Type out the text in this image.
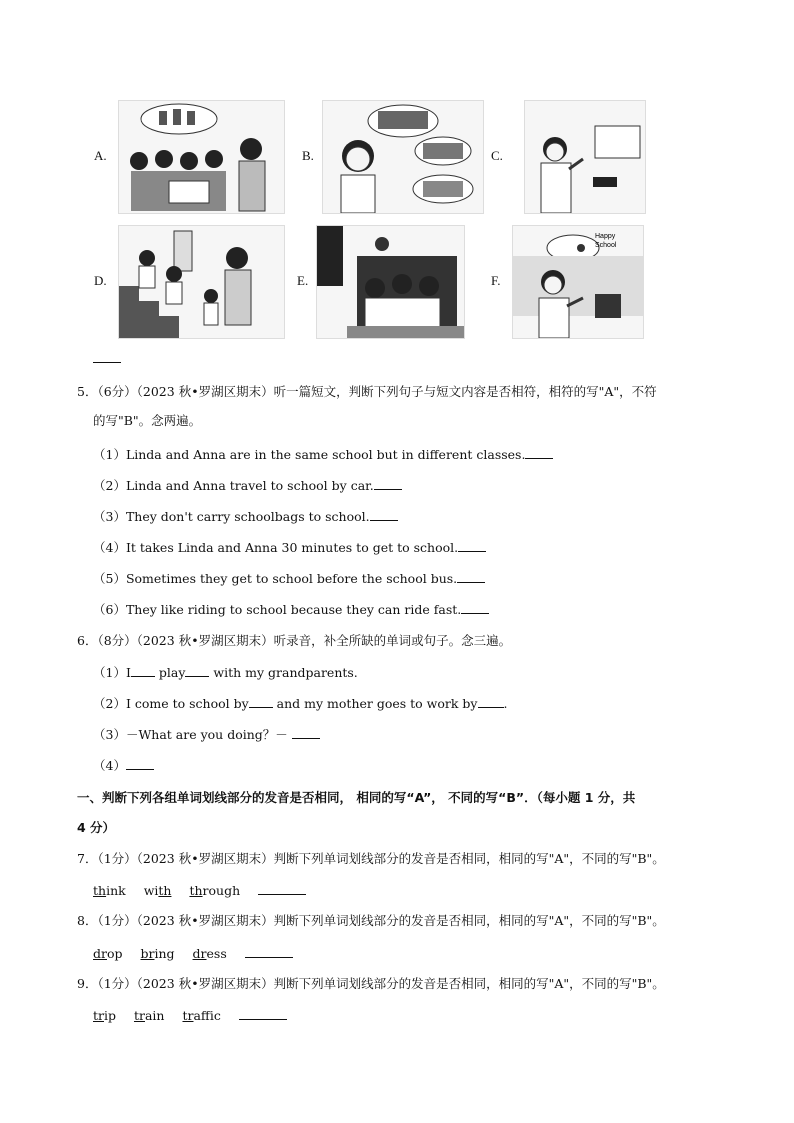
A.	B.	C.
D.	E.	F.
Happy
School
5．（6分）（2023 秋•罗湖区期末）听一篇短文，判断下列句子与短文内容是否相符，相符的写"A"，不符
的写"B"。念两遍。
（1）Linda and Anna are in the same school but in different classes.
（2）Linda and Anna travel to school by car.
（3）They don't carry schoolbags to school.
（4）It takes Linda and Anna 30 minutes to get to school.
（5）Sometimes they get to school before the school bus.
（6）They like riding to school because they can ride fast.
6．（8分）（2023 秋•罗湖区期末）听录音，补全所缺的单词或句子。念三遍。
（1）I play with my grandparents.
（2）I come to school by and my mother goes to work by .
（3）－What are you doing？－
（4）
一、判断下列各组单词划线部分的发音是否相同， 相同的写“A”， 不同的写“B”．（每小题 1 分，共
4 分）
7．（1分）（2023 秋•罗湖区期末）判断下列单词划线部分的发音是否相同，相同的写"A"，不同的写"B"。
think with through
8．（1分）（2023 秋•罗湖区期末）判断下列单词划线部分的发音是否相同，相同的写"A"，不同的写"B"。
drop bring dress
9．（1分）（2023 秋•罗湖区期末）判断下列单词划线部分的发音是否相同，相同的写"A"，不同的写"B"。
trip train traffic
